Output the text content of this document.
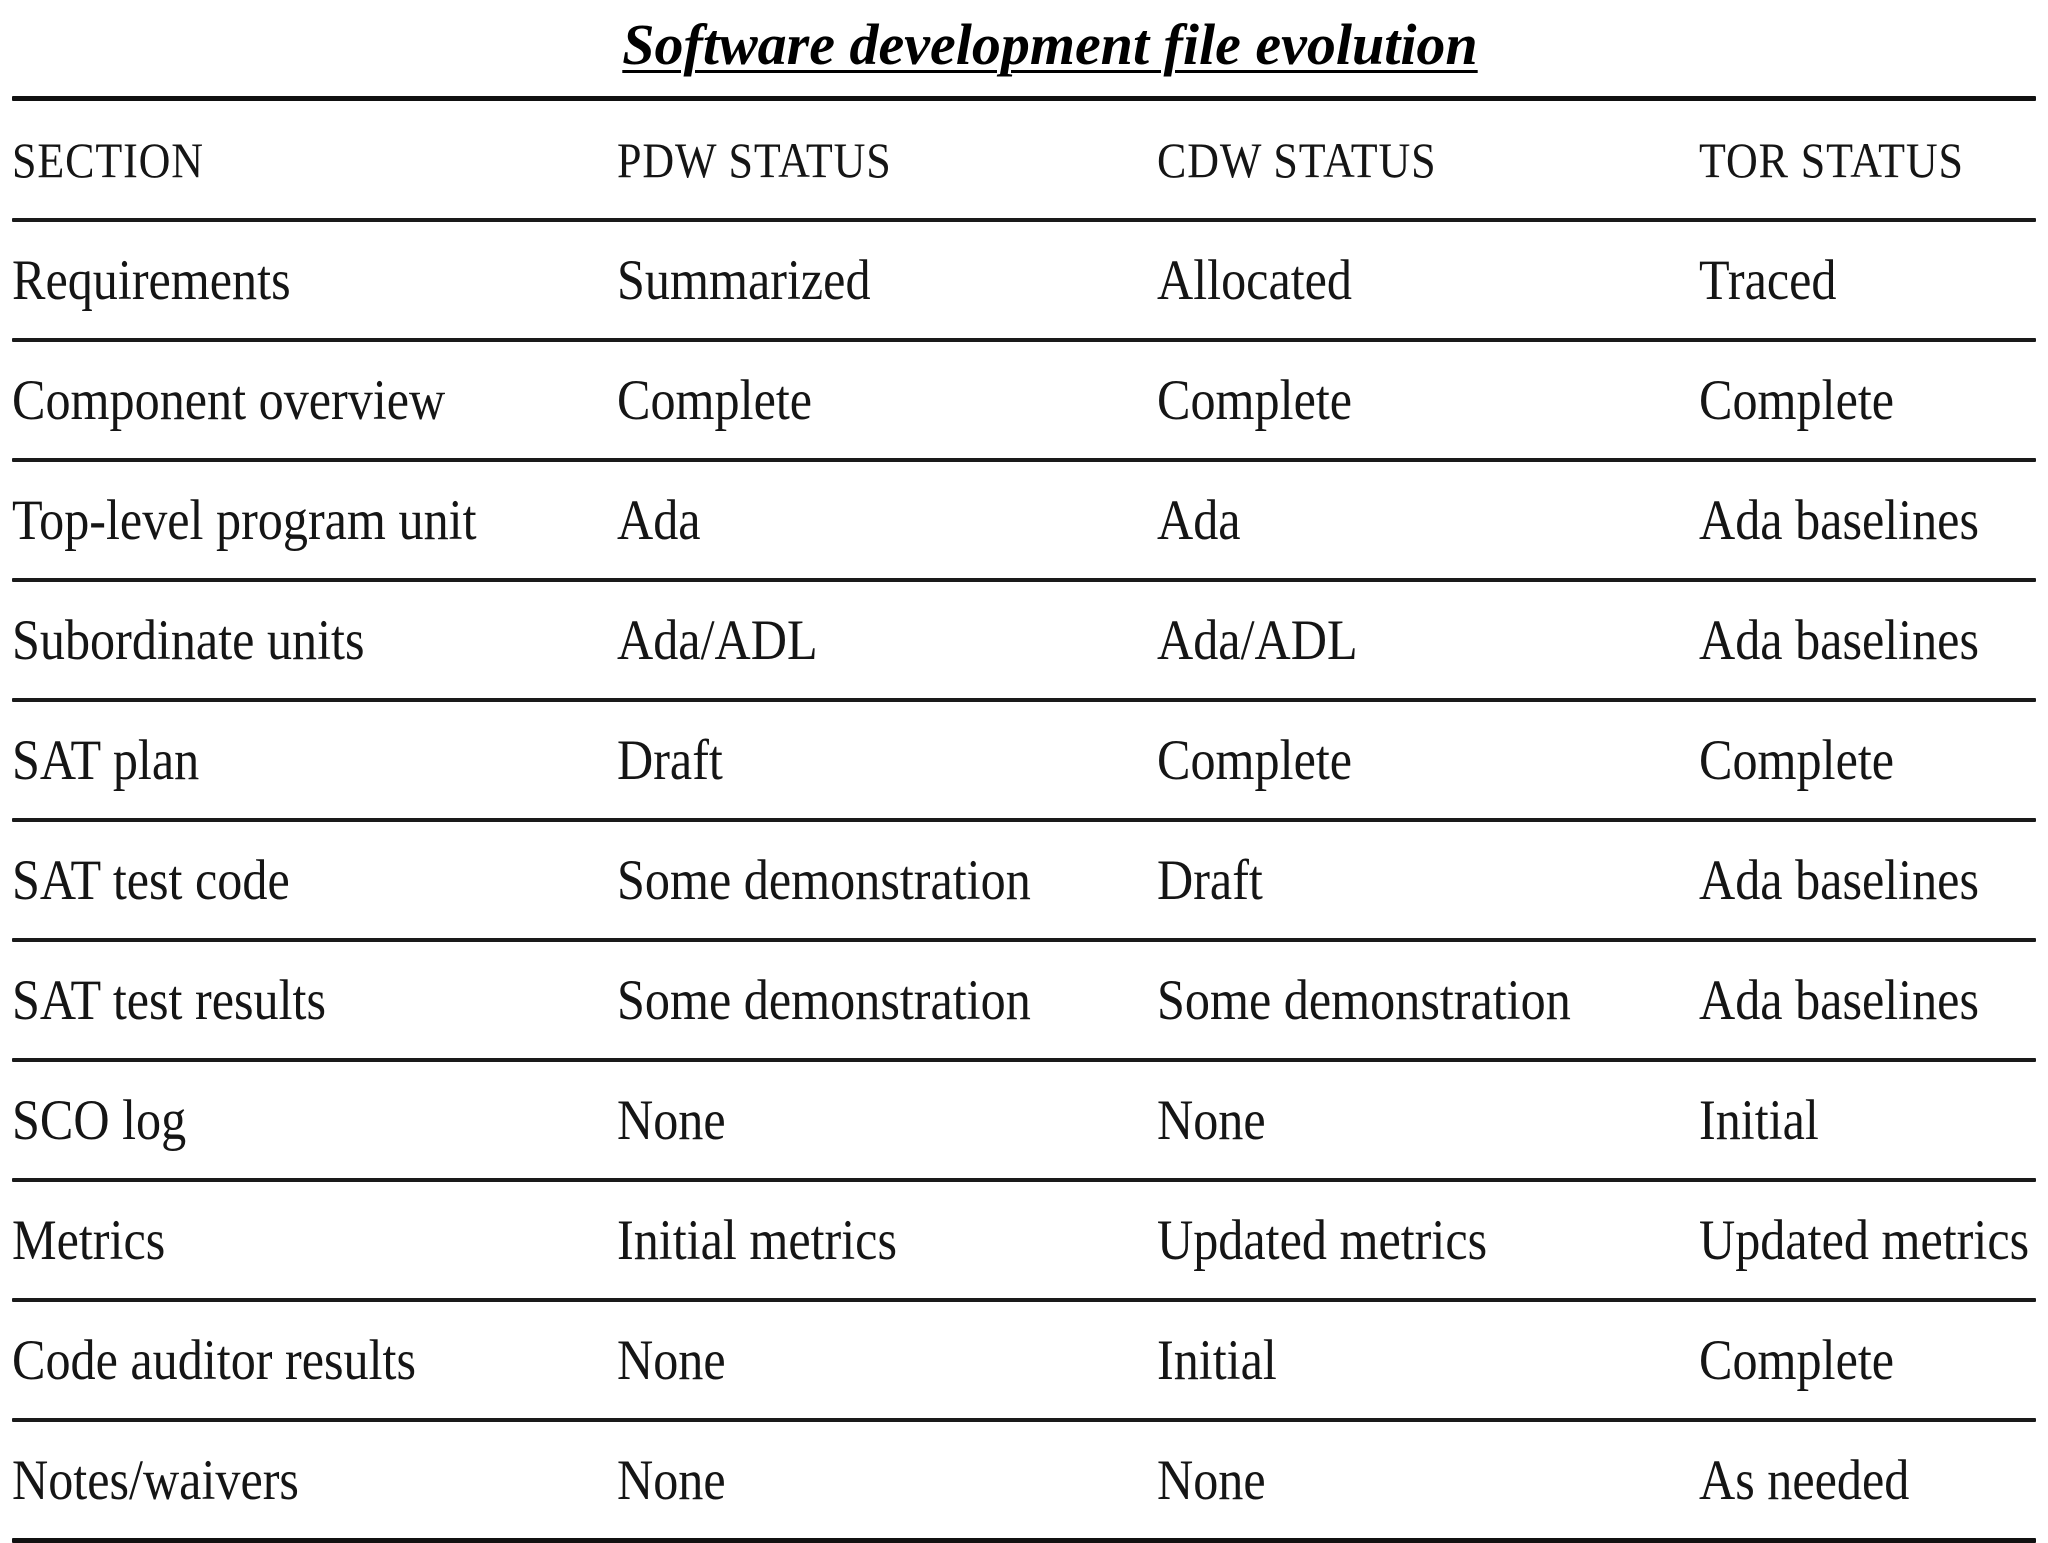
Software development file evolution
SECTION	PDW STATUS	CDW STATUS	TOR STATUS
Requirements	Summarized	Allocated	Traced
Component overview	Complete	Complete	Complete
Top-level program unit	Ada	Ada	Ada baselines
Subordinate units	Ada/ADL	Ada/ADL	Ada baselines
SAT plan	Draft	Complete	Complete
SAT test code	Some demonstration	Draft	Ada baselines
SAT test results	Some demonstration	Some demonstration	Ada baselines
SCO log	None	None	Initial
Metrics	Initial metrics	Updated metrics	Updated metrics
Code auditor results	None	Initial	Complete
Notes/waivers	None	None	As needed
